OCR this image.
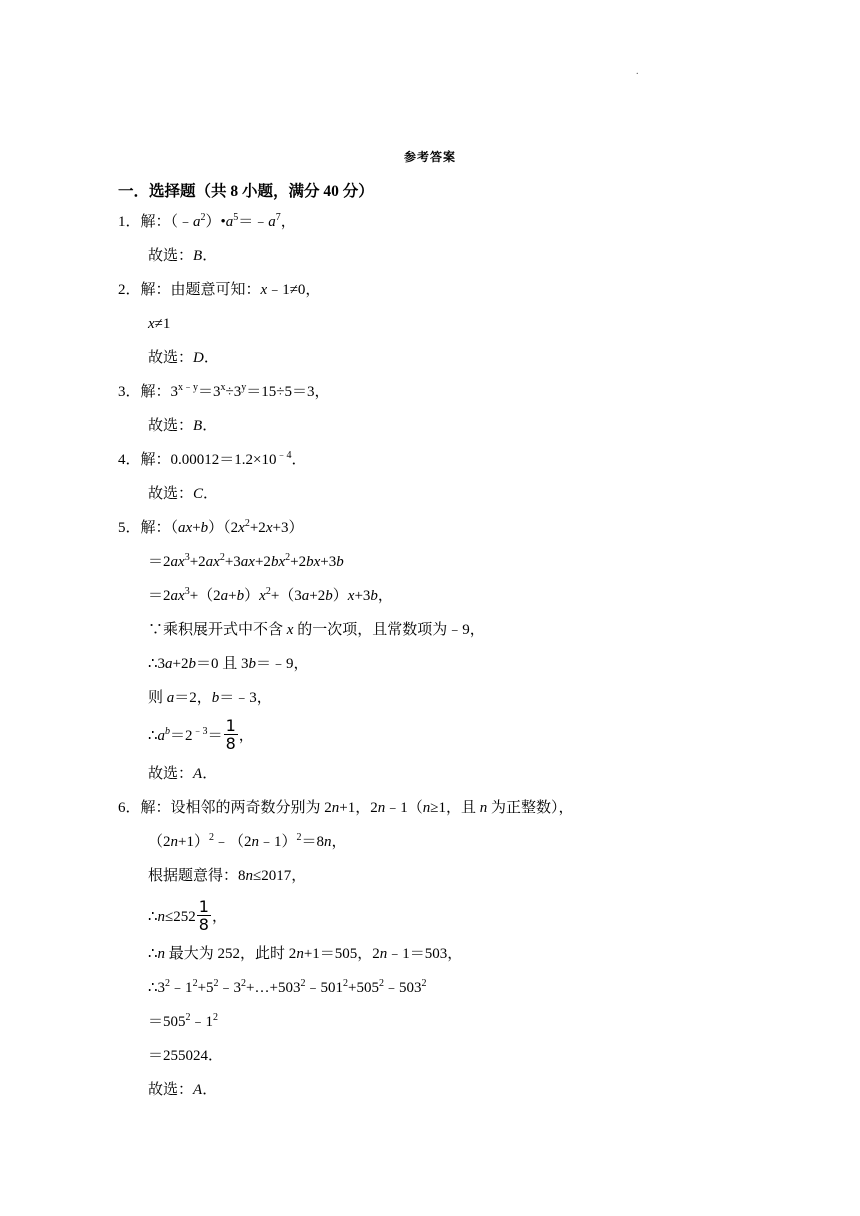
.
参考答案
一．选择题（共 8 小题，满分 40 分）
1．解：$(﹣a^2)•a^5=﹣a^7$，
故选：B．
2．解：由题意可知：x﹣1≠0，
x≠1
故选：D．
3．解：$3^{x﹣y}=3^x\div 3^y=15\div 5=3$，
故选：B．
4．解：$0.00012=1.2\times 10^{﹣4}$．
故选：C．
5．解：$(ax+b)(2x^2+2x+3)$
$=2ax^3+2ax^2+3ax+2bx^2+2bx+3b$
$=2ax^3+(2a+b)x^2+(3a+2b)x+3b$，
∵乘积展开式中不含 x 的一次项，且常数项为﹣9，
∴3a+2b＝0 且 3b＝﹣9，
则 a＝2，b＝﹣3，
$\therefore a^b=2^{﹣3}= \frac{1}{8}$ ，
故选：A．
6．解：设相邻的两奇数分别为 2n+1，2n﹣1（n≥1，且 n 为正整数），
$(2n+1)^2﹣(2n﹣1)^2=8n$，
根据题意得：8n≤2017，
∴n≤252 $\frac{1}{8}$ ，
∴n 最大为 252，此时 2n+1＝505，2n﹣1＝503，
$\therefore 3^2﹣1^2+5^2﹣3^2+\dots+503^2﹣501^2+505^2﹣503^2$
$=505^2﹣1^2$
＝255024．
故选：A．
